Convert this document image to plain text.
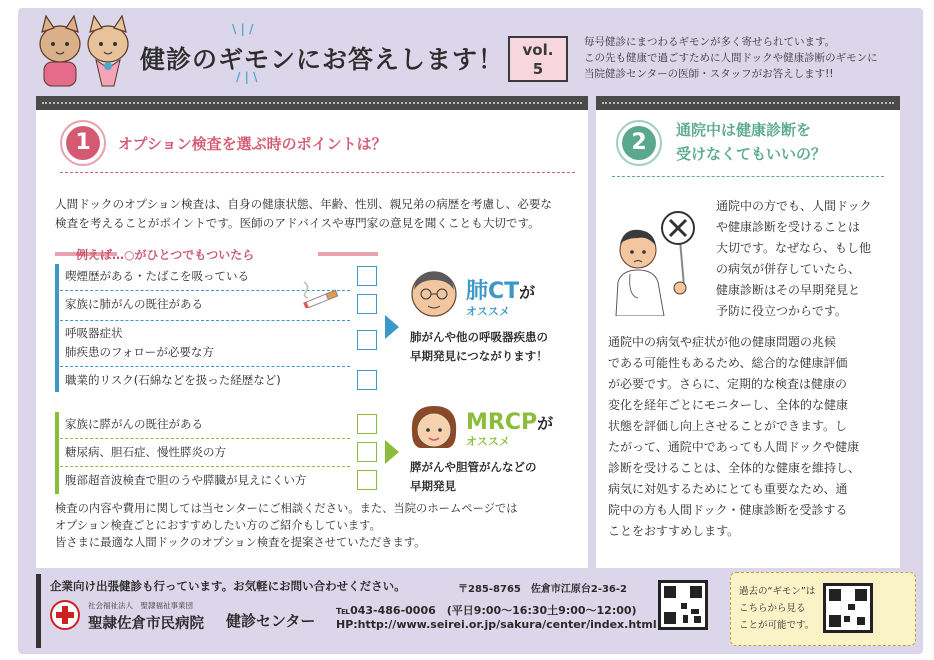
\ | /
/ | \
健診のギモンにお答えします！	vol.
5
毎号健診にまつわるギモンが多く寄せられています。
この先も健康で過ごすために人間ドックや健康診断のギモンに
当院健診センターの医師・スタッフがお答えします!!
1	オプション検査を選ぶ時のポイントは？
人間ドックのオプション検査は、自身の健康状態、年齢、性別、親兄弟の病歴を考慮し、必要な
検査を考えることがポイントです。医師のアドバイスや専門家の意見を聞くことも大切です。
例えば…○がひとつでもついたら
喫煙歴がある・たばこを吸っている
家族に肺がんの既往がある
呼吸器症状
肺疾患のフォローが必要な方
職業的リスク(石綿などを扱った経歴など)
肺CTが
オススメ
肺がんや他の呼吸器疾患の
早期発見につながります！
家族に膵がんの既往がある
糖尿病、胆石症、慢性膵炎の方
腹部超音波検査で胆のうや膵臓が見えにくい方
MRCPが
オススメ
膵がんや胆管がんなどの
早期発見
検査の内容や費用に関しては当センターにご相談ください。また、当院のホームページでは
オプション検査ごとにおすすめしたい方のご紹介もしています。
皆さまに最適な人間ドックのオプション検査を提案させていただきます。
2	通院中は健康診断を
受けなくてもいいの？
通院中の方でも、人間ドック
や健康診断を受けることは
大切です。なぜなら、もし他
の病気が併存していたら、
健康診断はその早期発見と
予防に役立つからです。
通院中の病気や症状が他の健康問題の兆候
である可能性もあるため、総合的な健康評価
が必要です。さらに、定期的な検査は健康の
変化を経年ごとにモニターし、全体的な健康
状態を評価し向上させることができます。し
たがって、通院中であっても人間ドックや健康
診断を受けることは、全体的な健康を維持し、
病気に対処するためにとても重要なため、通
院中の方も人間ドック・健康診断を受診する
ことをおすすめします。
企業向け出張健診も行っています。お気軽にお問い合わせください。	〒285-8765　佐倉市江原台2-36-2
社会福祉法人　聖隷福祉事業団
聖隷佐倉市民病院 健診センター
℡043-486-0006　(平日9:00～16:30土9:00～12:00)
HP:http://www.seirei.or.jp/sakura/center/index.html
過去の“ギモン”は
こちらから見る
ことが可能です。
